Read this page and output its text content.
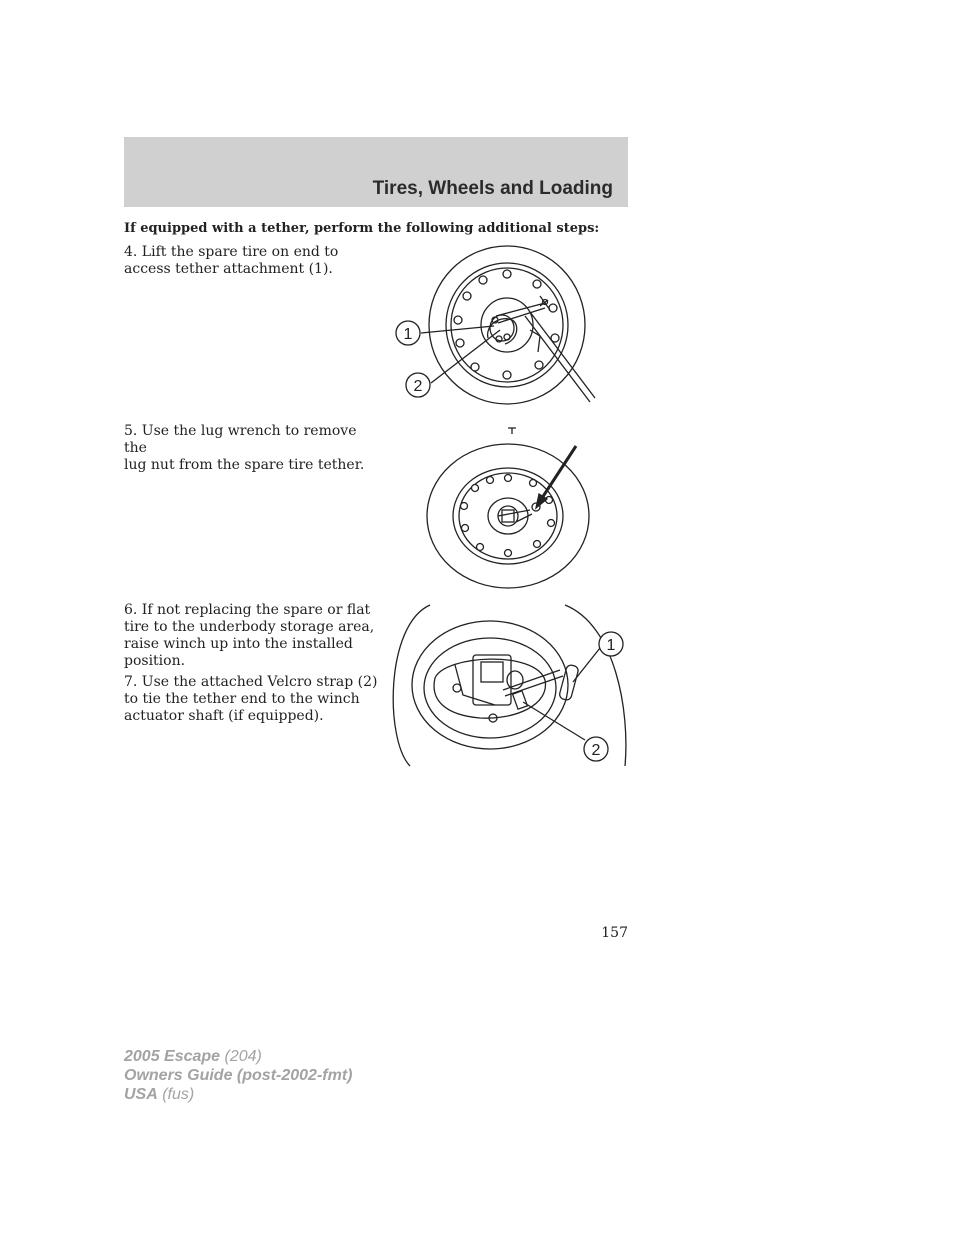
Tires, Wheels and Loading
If equipped with a tether, perform the following additional steps:
4. Lift the spare tire on end to
access tether attachment (1).
5. Use the lug wrench to remove the
lug nut from the spare tire tether.
6. If not replacing the spare or flat
tire to the underbody storage area,
raise winch up into the installed
position.
7. Use the attached Velcro strap (2)
to tie the tether end to the winch
actuator shaft (if equipped).
1
2
1
2
157
2005 Escape (204)
Owners Guide (post-2002-fmt)
USA (fus)
